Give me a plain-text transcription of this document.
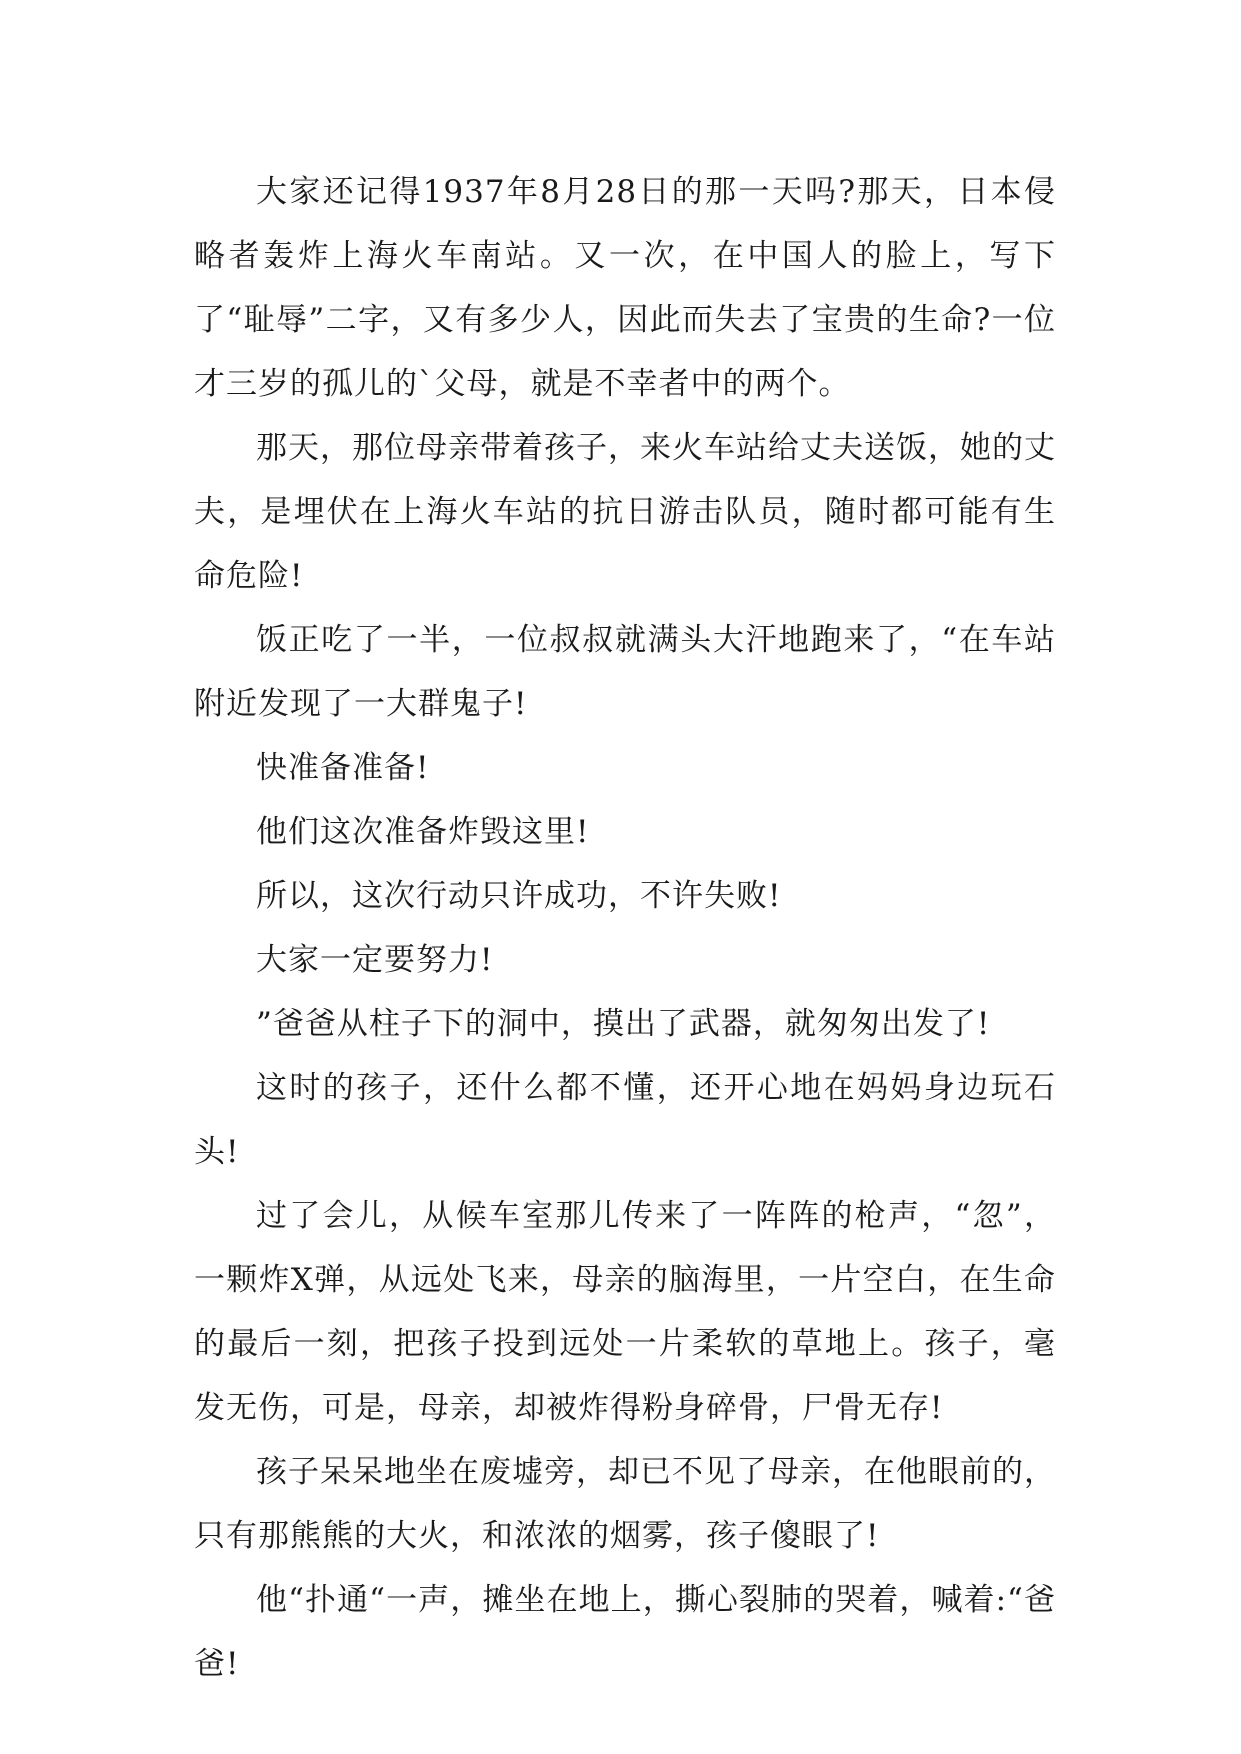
大家还记得1937年8月28日的那一天吗?那天，日本侵略者轰炸上海火车南站。又一次，在中国人的脸上，写下了“耻辱”二字，又有多少人，因此而失去了宝贵的生命?一位才三岁的孤儿的`父母，就是不幸者中的两个。

那天，那位母亲带着孩子，来火车站给丈夫送饭，她的丈夫，是埋伏在上海火车站的抗日游击队员，随时都可能有生命危险!

饭正吃了一半，一位叔叔就满头大汗地跑来了，“在车站附近发现了一大群鬼子!

快准备准备!

他们这次准备炸毁这里!

所以，这次行动只许成功，不许失败!

大家一定要努力!

”爸爸从柱子下的洞中，摸出了武器，就匆匆出发了!

这时的孩子，还什么都不懂，还开心地在妈妈身边玩石头!

过了会儿，从候车室那儿传来了一阵阵的枪声，“忽”，一颗炸X弹，从远处飞来，母亲的脑海里，一片空白，在生命的最后一刻，把孩子投到远处一片柔软的草地上。孩子，毫发无伤，可是，母亲，却被炸得粉身碎骨，尸骨无存!

孩子呆呆地坐在废墟旁，却已不见了母亲，在他眼前的，只有那熊熊的大火，和浓浓的烟雾，孩子傻眼了!

他“扑通“一声，摊坐在地上，撕心裂肺的哭着，喊着:“爸爸!
